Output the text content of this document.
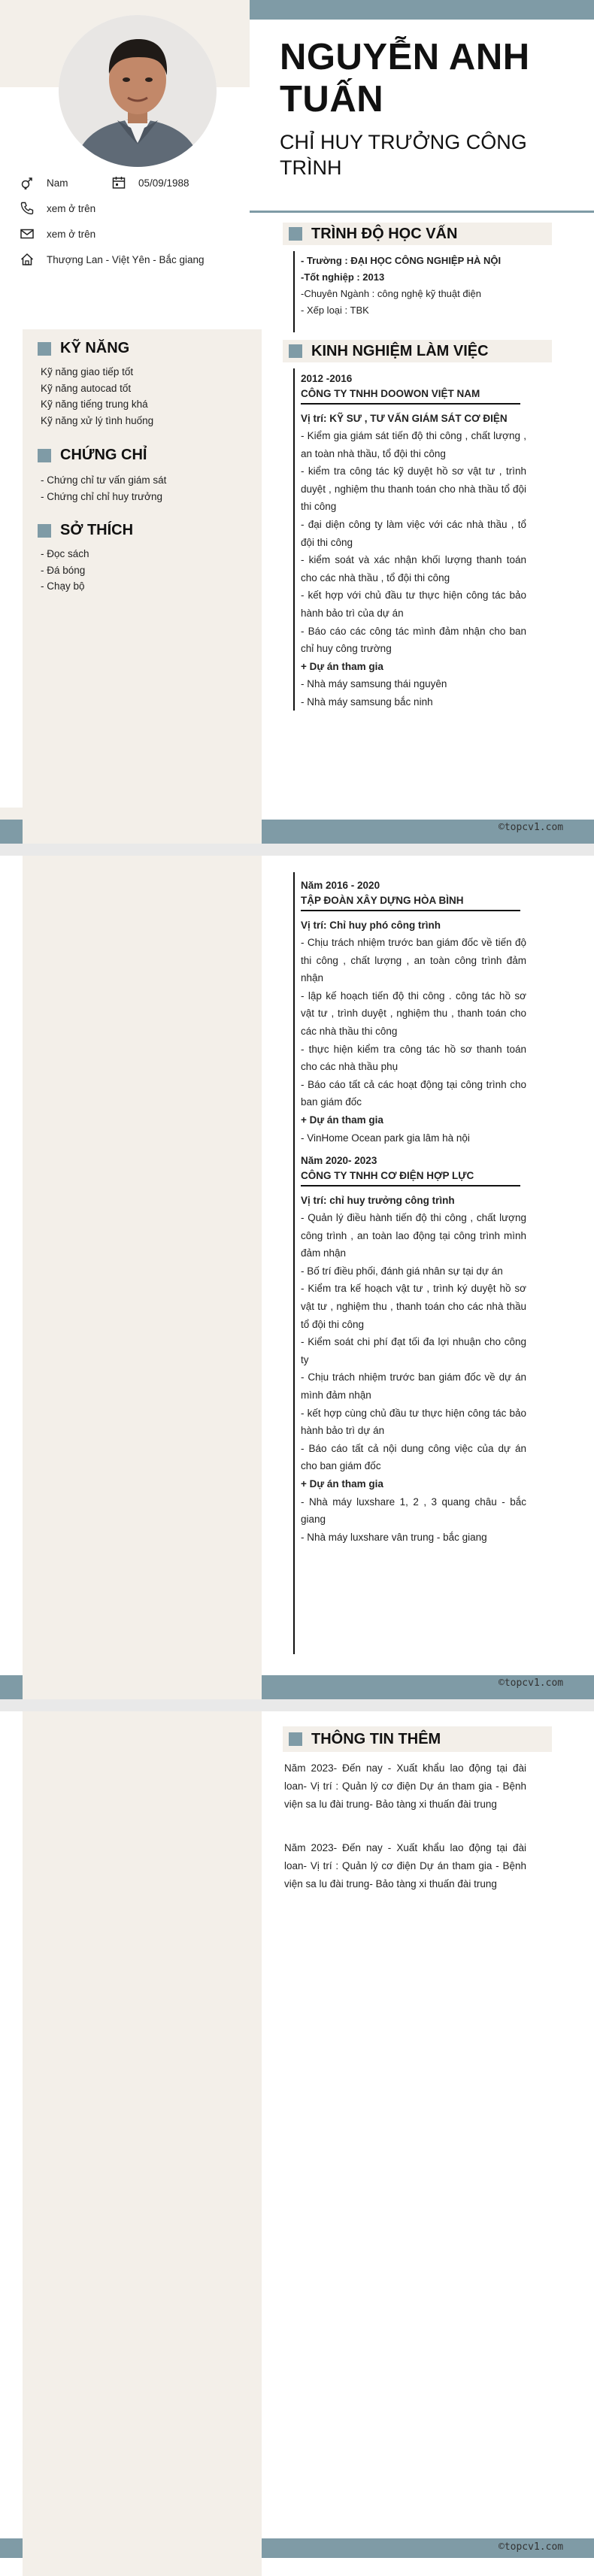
NGUYỄN ANH
TUẤN
CHỈ HUY TRƯỞNG CÔNG
TRÌNH
Nam	05/09/1988
xem ở trên
xem ở trên
Thượng Lan - Việt Yên - Bắc giang
KỸ NĂNG
Kỹ năng giao tiếp tốt
Kỹ năng autocad tốt
Kỹ năng tiếng trung khá
Kỹ năng xử lý tình huống
CHỨNG CHỈ
- Chứng chỉ tư vấn giám sát
- Chứng chỉ chỉ huy trưởng
SỞ THÍCH
- Đọc sách
- Đá bóng
- Chạy bộ
TRÌNH ĐỘ HỌC VẤN
- Trường : ĐẠI HỌC CÔNG NGHIỆP HÀ NỘI
-Tốt nghiệp : 2013
-Chuyên Ngành : công nghệ kỹ thuật điện
- Xếp loại : TBK
KINH NGHIỆM LÀM VIỆC
2012 -2016
CÔNG TY TNHH DOOWON VIỆT NAM
Vị trí: KỸ SƯ , TƯ VẤN GIÁM SÁT CƠ ĐIỆN
- Kiểm gia giám sát tiến độ thi công , chất lượng , an toàn nhà thầu, tổ đội thi công
- kiểm tra công tác kỹ duyệt hồ sơ vật tư , trình duyệt , nghiệm thu thanh toán cho nhà thầu tổ đội thi công
- đại diện công ty làm việc với các nhà thầu , tổ đội thi công
- kiểm soát và xác nhận khối lượng thanh toán cho các nhà thầu , tổ đội thi công
- kết hợp với chủ đầu tư thực hiện công tác bảo hành bảo trì của dự án
- Báo cáo các công tác mình đảm nhận cho ban chỉ huy công trường
+ Dự án tham gia
- Nhà máy samsung thái nguyên
- Nhà máy samsung bắc ninh
©topcv1.com
Năm 2016 - 2020
TẬP ĐOÀN XÂY DỰNG HÒA BÌNH
Vị trí: Chỉ huy phó công trình
- Chịu trách nhiệm trước ban giám đốc về tiến độ thi công , chất lượng , an toàn công trình đảm nhận
- lập kế hoạch tiến độ thi công . công tác hồ sơ vật tư , trình duyệt , nghiệm thu , thanh toán cho các nhà thầu thi công
- thực hiện kiểm tra công tác hồ sơ thanh toán cho các nhà thầu phụ
- Báo cáo tất cả các hoạt động tại công trình cho ban giám đốc
+ Dự án tham gia
- VinHome Ocean park gia lâm hà nội
Năm 2020- 2023
CÔNG TY TNHH CƠ ĐIỆN HỢP LỰC
Vị trí: chỉ huy trưởng công trình
- Quản lý điều hành tiến độ thi công , chất lượng công trình , an toàn lao động tại công trình mình đảm nhận
- Bố trí điều phối, đánh giá nhân sự tại dự án
- Kiểm tra kế hoạch vật tư , trình ký duyệt hồ sơ vật tư , nghiệm thu , thanh toán cho các nhà thầu tổ đội thi công
- Kiểm soát chi phí đạt tối đa lợi nhuận cho công ty
- Chịu trách nhiệm trước ban giám đốc về dự án mình đảm nhận
- kết hợp cùng chủ đầu tư thực hiện công tác bảo hành bảo trì dự án
- Báo cáo tất cả nội dung công việc của dự án cho ban giám đốc
+ Dự án tham gia
- Nhà máy luxshare 1, 2 , 3 quang châu - bắc giang
- Nhà máy luxshare vân trung - bắc giang
©topcv1.com
THÔNG TIN THÊM

Năm 2023- Đến nay - Xuất khẩu lao động tại đài loan- Vị trí : Quản lý cơ điện Dự án tham gia - Bệnh viện sa lu đài trung- Bảo tàng xi thuấn đài trung

Năm 2023- Đến nay - Xuất khẩu lao động tại đài loan- Vị trí : Quản lý cơ điện Dự án tham gia - Bệnh viện sa lu đài trung- Bảo tàng xi thuấn đài trung

©topcv1.com
